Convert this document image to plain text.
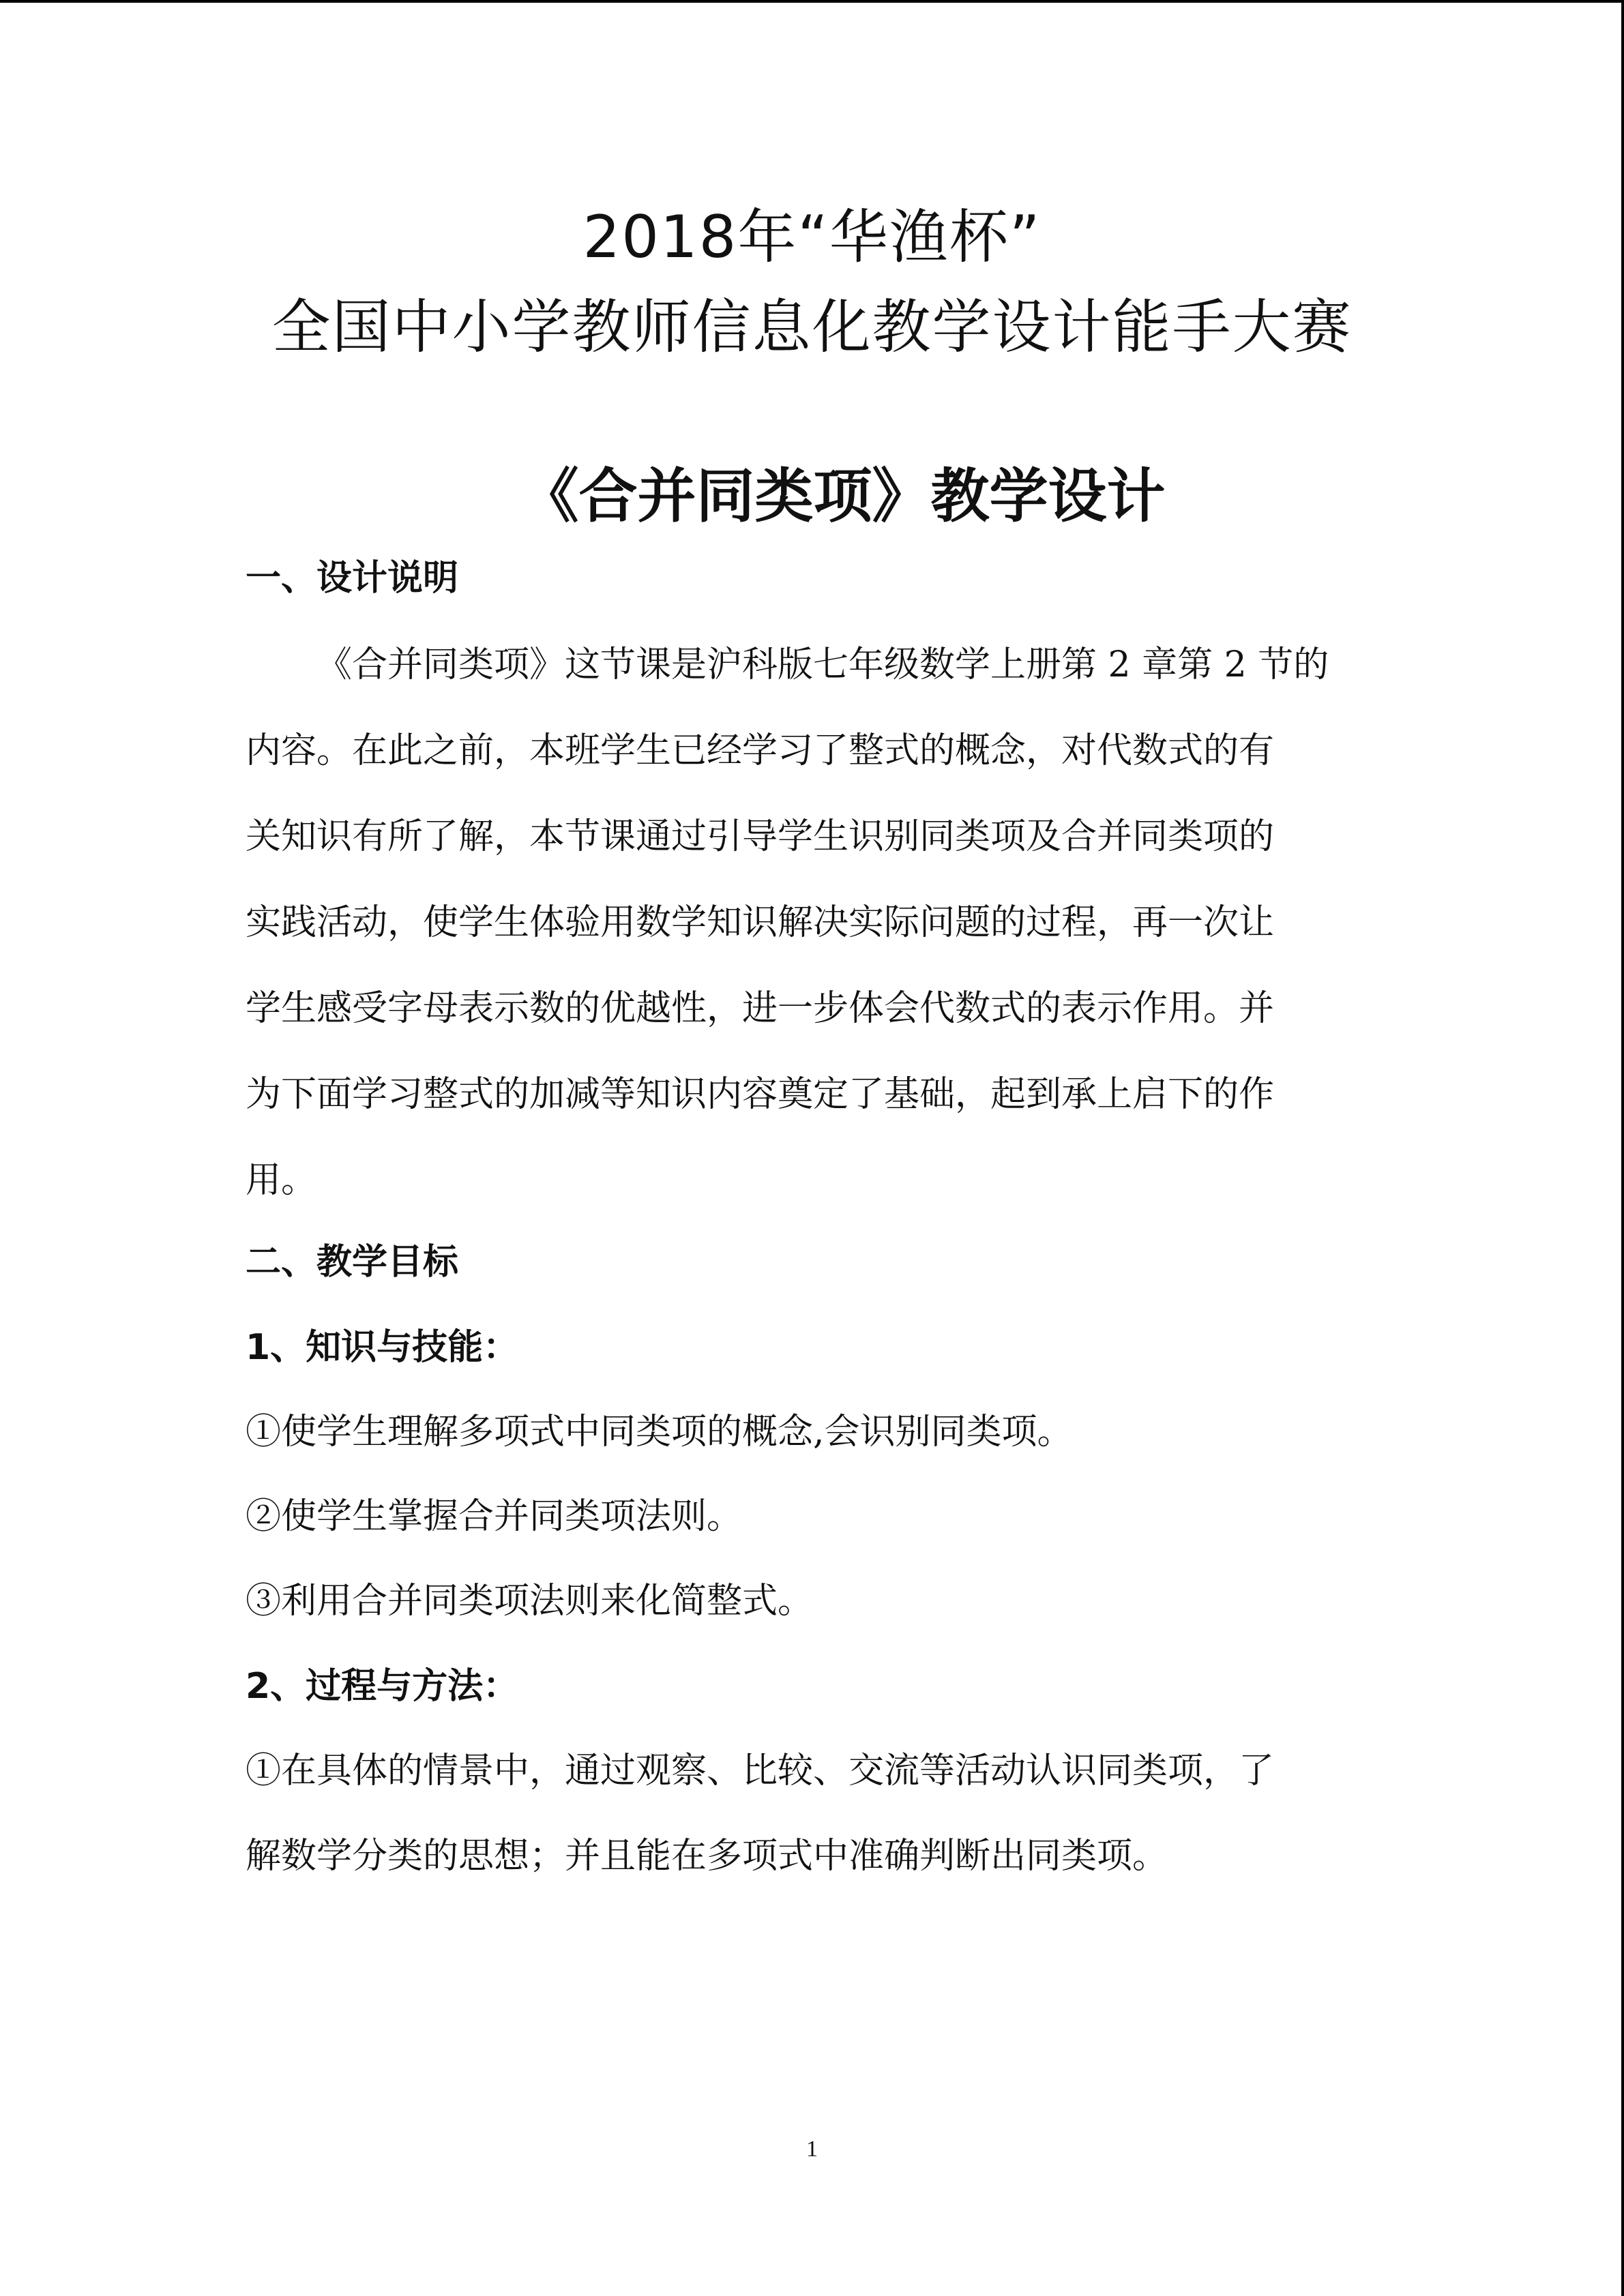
2018年“华渔杯”
全国中小学教师信息化教学设计能手大赛
《合并同类项》教学设计
一、设计说明
《合并同类项》这节课是沪科版七年级数学上册第 2 章第 2 节的
内容。在此之前，本班学生已经学习了整式的概念，对代数式的有
关知识有所了解，本节课通过引导学生识别同类项及合并同类项的
实践活动，使学生体验用数学知识解决实际问题的过程，再一次让
学生感受字母表示数的优越性，进一步体会代数式的表示作用。并
为下面学习整式的加减等知识内容奠定了基础，起到承上启下的作
用。
二、教学目标
1、知识与技能：
①使学生理解多项式中同类项的概念,会识别同类项。
②使学生掌握合并同类项法则。
③利用合并同类项法则来化简整式。
2、过程与方法：
①在具体的情景中，通过观察、比较、交流等活动认识同类项，了
解数学分类的思想；并且能在多项式中准确判断出同类项。
1
